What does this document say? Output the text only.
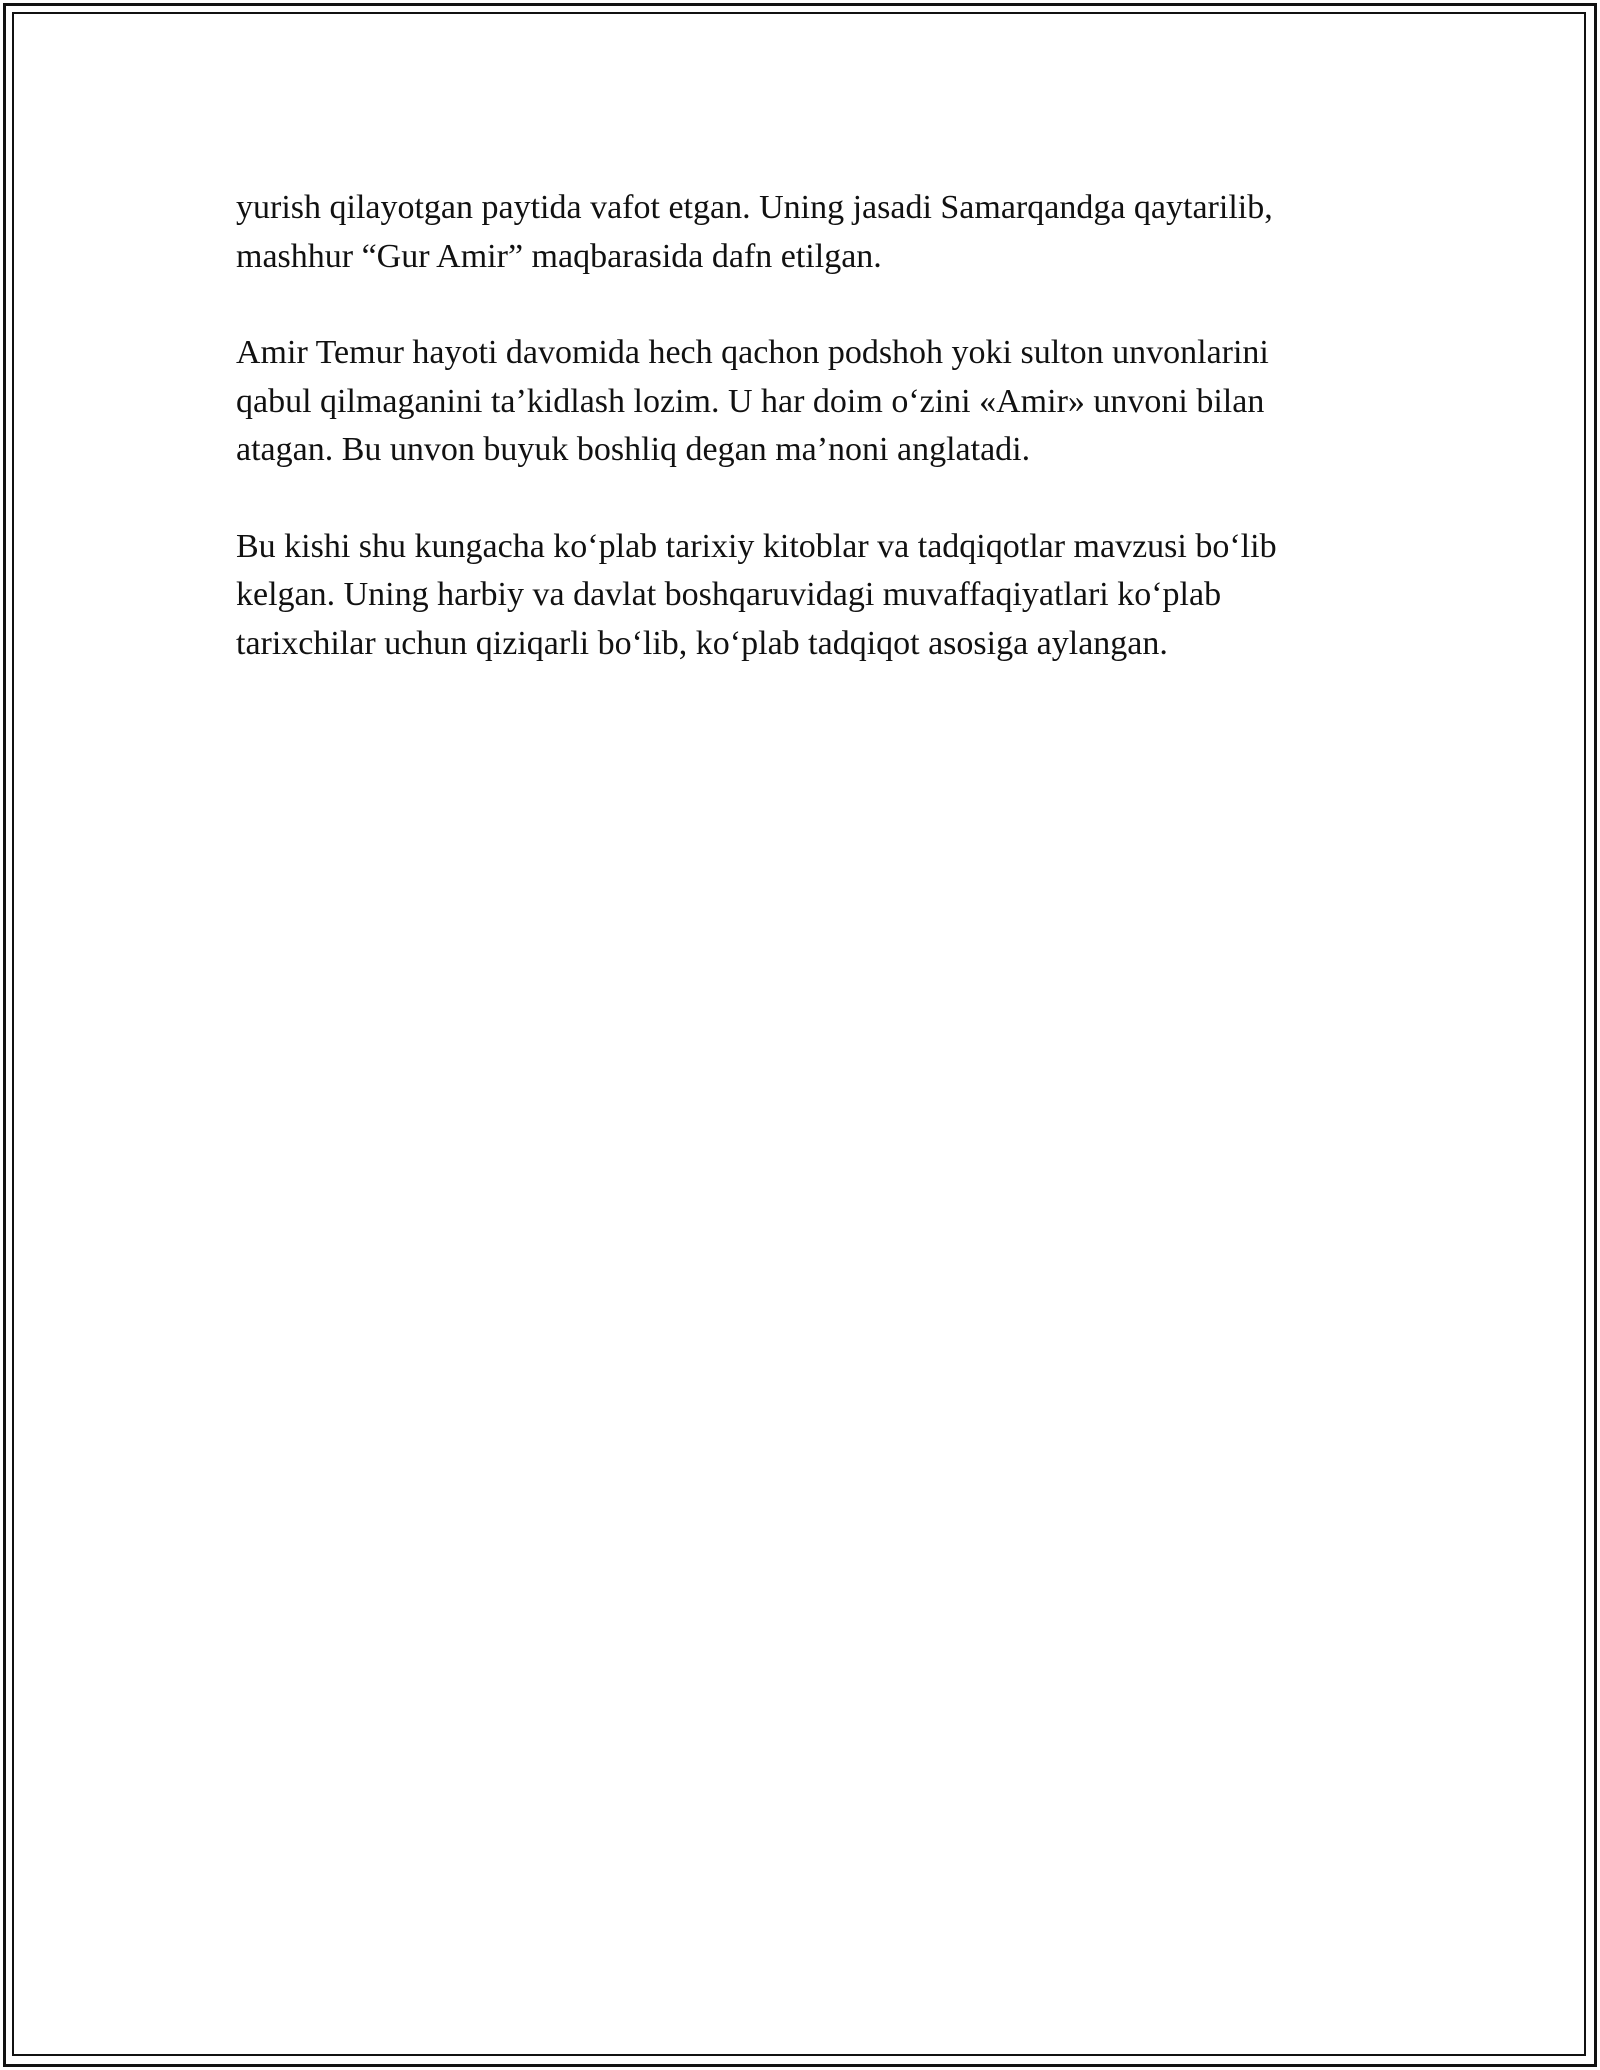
yurish qilayotgan paytida vafot etgan. Uning jasadi Samarqandga qaytarilib,
mashhur “Gur Amir” maqbarasida dafn etilgan.

Amir Temur hayoti davomida hech qachon podshoh yoki sulton unvonlarini
qabul qilmaganini ta’kidlash lozim. U har doim o‘zini «Amir» unvoni bilan
atagan. Bu unvon buyuk boshliq degan ma’noni anglatadi.

Bu kishi shu kungacha ko‘plab tarixiy kitoblar va tadqiqotlar mavzusi bo‘lib
kelgan. Uning harbiy va davlat boshqaruvidagi muvaffaqiyatlari ko‘plab
tarixchilar uchun qiziqarli bo‘lib, ko‘plab tadqiqot asosiga aylangan.
